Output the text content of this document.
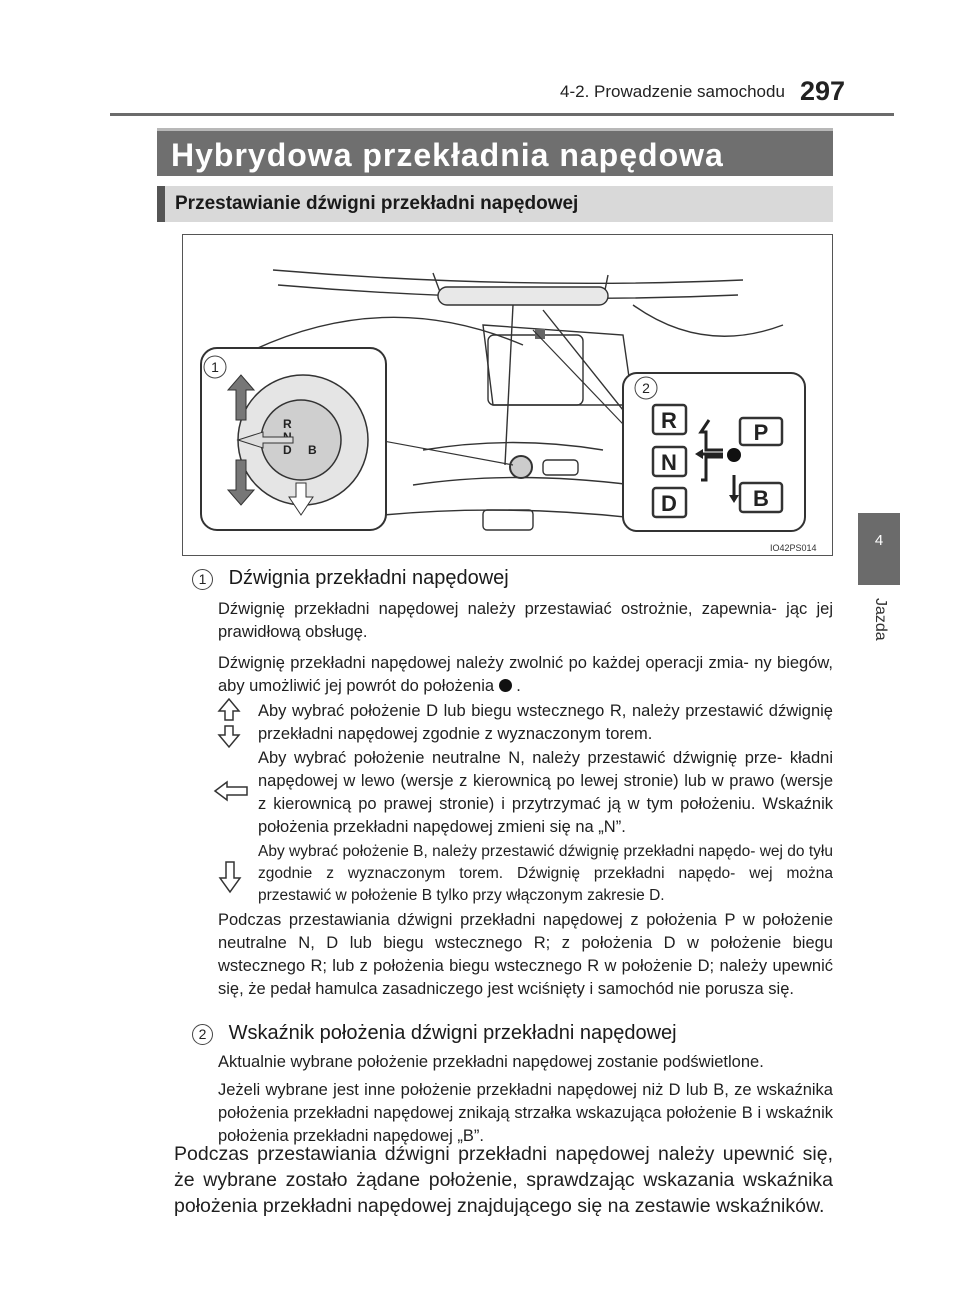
4-2. Prowadzenie samochodu 297
4
Jazda
Hybrydowa przekładnia napędowa
Przestawianie dźwigni przekładni napędowej
1
R
D B
2
R
N
D
P
B
IO42PS014
1 Dźwignia przekładni napędowej
Dźwignię przekładni napędowej należy przestawiać ostrożnie, zapewnia- jąc jej prawidłową obsługę.
Dźwignię przekładni napędowej należy zwolnić po każdej operacji zmia- ny biegów, aby umożliwić jej powrót do położenia .
Aby wybrać położenie D lub biegu wstecznego R, należy przestawić dźwignię przekładni napędowej zgodnie z wyznaczonym torem.
Aby wybrać położenie neutralne N, należy przestawić dźwignię prze- kładni napędowej w lewo (wersje z kierownicą po lewej stronie) lub w prawo (wersje z kierownicą po prawej stronie) i przytrzymać ją w tym położeniu. Wskaźnik położenia przekładni napędowej zmieni się na „N”.
Aby wybrać położenie B, należy przestawić dźwignię przekładni napędo- wej do tyłu zgodnie z wyznaczonym torem. Dźwignię przekładni napędo- wej można przestawić w położenie B tylko przy włączonym zakresie D.
Podczas przestawiania dźwigni przekładni napędowej z położenia P w położenie neutralne N, D lub biegu wstecznego R; z położenia D w położenie biegu wstecznego R; lub z położenia biegu wstecznego R w położenie D; należy upewnić się, że pedał hamulca zasadniczego jest wciśnięty i samochód nie porusza się.
2 Wskaźnik położenia dźwigni przekładni napędowej
Aktualnie wybrane położenie przekładni napędowej zostanie podświetlone.
Jeżeli wybrane jest inne położenie przekładni napędowej niż D lub B, ze wskaźnika położenia przekładni napędowej znikają strzałka wskazująca położenie B i wskaźnik położenia przekładni napędowej „B”.
Podczas przestawiania dźwigni przekładni napędowej należy upewnić się, że wybrane zostało żądane położenie, sprawdzając wskazania wskaźnika położenia przekładni napędowej znajdującego się na zestawie wskaźników.
